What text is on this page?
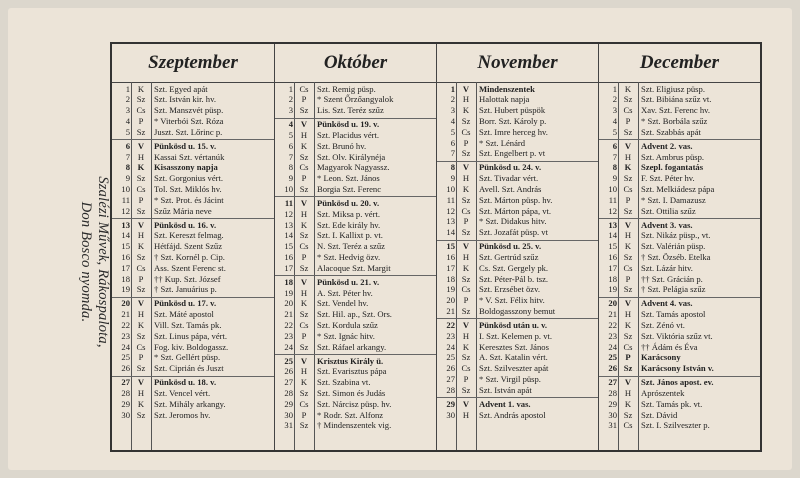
Szalézi Művek, Rákospalota,
Don Bosco nyomda.
Szeptember
1 K	Szt. Egyed apát
2 Sz	Szt. István kir. hv.
3 Cs Szt. Manszvét püsp.
4	P	* Viterbói Szt. Róza
5 Sz	Juszt. Szt. Lőrinc p.
6 V	Pünkösd u. 15. v.
7 H	Kassai Szt. vértanúk
8 K	Kisasszony napja
9 Sz	Szt. Gorgonius vért.
10 Cs Tol. Szt. Miklós hv.
11	P	* Szt. Prot. és Jácint
12 Sz	Szűz Mária neve
13 V	Pünkösd u. 16. v.
14 H	Szt. Kereszt felmag.
15 K	Hétfájd. Szent Szűz
16 Sz	† Szt. Kornél p. Cip.
17 Cs Ass. Szent Ferenc st.
18	P	†† Kup. Szt. József
19 Sz	† Szt. Januárius p.
20 V	Pünkösd u. 17. v.
21 H	Szt. Máté apostol
22 K	Vill. Szt. Tamás pk.
23 Sz	Szt. Linus pápa, vért.
24 Cs Fog. kiv. Boldogassz.
25	P	* Szt. Gellért püsp.
26 Sz	Szt. Ciprián és Juszt
27 V	Pünkösd u. 18. v.
28 H	Szt. Vencel vért.
29 K	Szt. Mihály arkangy.
30 Sz	Szt. Jeromos hv.
Október
1 Cs Szt. Remig püsp.
2	P	* Szent Őrzőangyalok
3 Sz	Lis. Szt. Teréz szűz
4 V	Pünkösd u. 19. v.
5 H	Szt. Placidus vért.
6 K	Szt. Brunó hv.
7 Sz	Szt. Olv. Királynéja
8 Cs Magyarok Nagyassz.
9	P	* Leon. Szt. János
10 Sz	Borgia Szt. Ferenc
11 V	Pünkösd u. 20. v.
12 H	Szt. Miksa p. vért.
13 K	Szt. Ede király hv.
14 Sz	Szt. I. Kallixt p. vt.
15 Cs N. Szt. Teréz a szűz
16	P	* Szt. Hedvig özv.
17 Sz	Alacoque Szt. Margit
18 V	Pünkösd u. 21. v.
19 H	A. Szt. Péter hv.
20 K	Szt. Vendel hv.
21 Sz	Szt. Hil. ap., Szt. Ors.
22 Cs Szt. Kordula szűz
23	P	* Szt. Ignác hitv.
24 Sz	Szt. Ráfael arkangy.
25 V	Krisztus Király ü.
26 H	Szt. Evarisztus pápa
27 K	Szt. Szabina vt.
28 Sz	Szt. Simon és Judás
29 Cs Szt. Nárcisz püsp. hv.
30	P	* Rodr. Szt. Alfonz
31 Sz	† Mindenszentek vig.
November
1 V	Mindenszentek
2 H	Halottak napja
3 K	Szt. Hubert püspök
4 Sz	Borr. Szt. Károly p.
5 Cs Szt. Imre herceg hv.
6	P	* Szt. Lénárd
7 Sz	Szt. Engelbert p. vt
8 V	Pünkösd u. 24. v.
9 H	Szt. Tivadar vért.
10 K	Avell. Szt. András
11 Sz	Szt. Márton püsp. hv.
12 Cs Szt. Márton pápa, vt.
13	P	* Szt. Didakus hitv.
14 Sz	Szt. Jozafát püsp. vt
15 V	Pünkösd u. 25. v.
16 H	Szt. Gertrúd szűz
17 K	Cs. Szt. Gergely pk.
18 Sz	Szt. Péter-Pál b. tsz.
19 Cs Szt. Erzsébet özv.
20	P	* V. Szt. Félix hitv.
21 Sz	Boldogasszony bemut
22 V	Pünkösd után u. v.
23 H	I. Szt. Kelemen p. vt.
24 K	Keresztes Szt. János
25 Sz	A. Szt. Katalin vért.
26 Cs Szt. Szilveszter apát
27	P	* Szt. Virgil püsp.
28 Sz	Szt. István apát
29 V	Advent 1. vas.
30 H	Szt. András apostol
December
1 K	Szt. Eligiusz püsp.
2 Sz	Szt. Bibiána szűz vt.
3 Cs Xav. Szt. Ferenc hv.
4	P	* Szt. Borbála szűz
5 Sz	Szt. Szabbás apát
6 V	Advent 2. vas.
7 H	Szt. Ambrus püsp.
8 K	Szepl. fogantatás
9 Sz	F. Szt. Péter hv.
10 Cs Szt. Melkiádesz pápa
11	P	* Szt. I. Damazusz
12 Sz	Szt. Ottilia szűz
13 V	Advent 3. vas.
14 H	Szt. Nikáz püsp., vt.
15 K	Szt. Valérián püsp.
16 Sz	† Szt. Özséb. Etelka
17 Cs Szt. Lázár hitv.
18	P	†† Szt. Grácián p.
19 Sz	† Szt. Pelágia szűz
20 V	Advent 4. vas.
21 H	Szt. Tamás apostol
22 K	Szt. Zénó vt.
23 Sz	Szt. Viktória szűz vt.
24 Cs †† Ádám és Éva
25 P	Karácsony
26 Sz	Karácsony István v.
27 V	Szt. János apost. ev.
28 H	Aprószentek
29 K	Szt. Tamás pk. vt.
30 Sz	Szt. Dávid
31 Cs Szt. I. Szilveszter p.
